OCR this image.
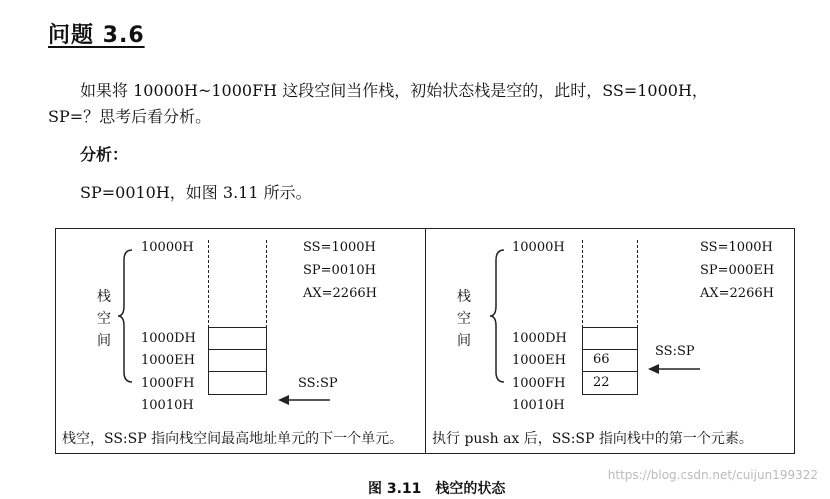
问题 3.6
如果将 10000H~1000FH 这段空间当作栈，初始状态栈是空的，此时，SS=1000H，
SP=？思考后看分析。
分析：
SP=0010H，如图 3.11 所示。
栈
空
间
10000H
1000DH
1000EH
1000FH
10010H
SS=1000H
SP=0010H
AX=2266H
SS:SP
栈空，SS:SP 指向栈空间最高地址单元的下一个单元。
栈
空
间
10000H
1000DH
1000EH
1000FH
10010H
66
22
SS=1000H
SP=000EH
AX=2266H
SS:SP
执行 push ax 后，SS:SP 指向栈中的第一个元素。
https://blog.csdn.net/cuijun199322
图 3.11　栈空的状态
